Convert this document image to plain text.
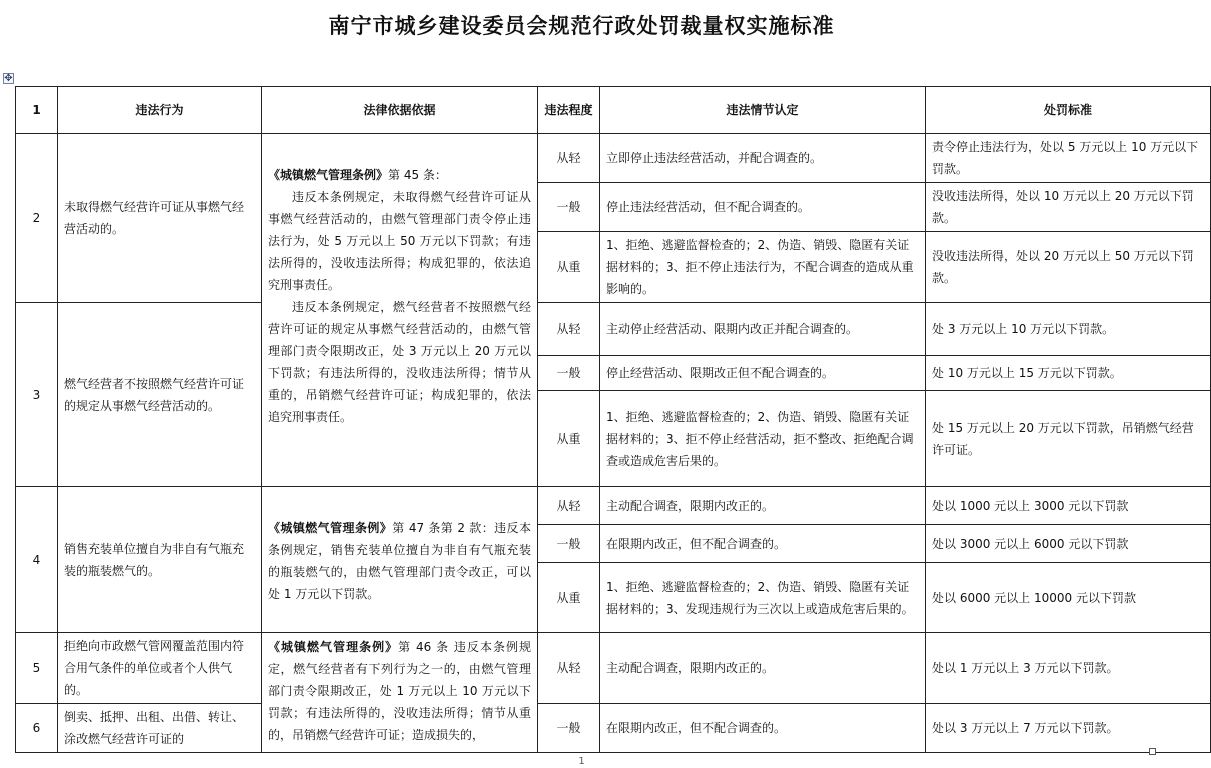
南宁市城乡建设委员会规范行政处罚裁量权实施标准
✥
1	违法行为	法律依据依据	违法程度	违法情节认定	处罚标准
2	未取得燃气经营许可证从事燃气经营活动的。	《城镇燃气管理条例》第 45 条：
违反本条例规定，未取得燃气经营许可证从事燃气经营活动的，由燃气管理部门责令停止违法行为，处 5 万元以上 50 万元以下罚款；有违法所得的，没收违法所得；构成犯罪的，依法追究刑事责任。
违反本条例规定，燃气经营者不按照燃气经营许可证的规定从事燃气经营活动的，由燃气管理部门责令限期改正，处 3 万元以上 20 万元以下罚款；有违法所得的，没收违法所得；情节从重的，吊销燃气经营许可证；构成犯罪的，依法追究刑事责任。	从轻	立即停止违法经营活动，并配合调查的。	责令停止违法行为，处以 5 万元以上 10 万元以下罚款。
			一般	停止违法经营活动，但不配合调查的。	没收违法所得，处以 10 万元以上 20 万元以下罚款。
			从重	1、拒绝、逃避监督检查的；2、伪造、销毁、隐匿有关证据材料的；3、拒不停止违法行为，不配合调查的造成从重影响的。	没收违法所得，处以 20 万元以上 50 万元以下罚款。
3	燃气经营者不按照燃气经营许可证的规定从事燃气经营活动的。		从轻	主动停止经营活动、限期内改正并配合调查的。	处 3 万元以上 10 万元以下罚款。
			一般	停止经营活动、限期改正但不配合调查的。	处 10 万元以上 15 万元以下罚款。
			从重	1、拒绝、逃避监督检查的；2、伪造、销毁、隐匿有关证据材料的；3、拒不停止经营活动，拒不整改、拒绝配合调查或造成危害后果的。	处 15 万元以上 20 万元以下罚款，吊销燃气经营许可证。
4	销售充装单位擅自为非自有气瓶充装的瓶装燃气的。	《城镇燃气管理条例》第 47 条第 2 款：违反本条例规定，销售充装单位擅自为非自有气瓶充装的瓶装燃气的，由燃气管理部门责令改正，可以处 1 万元以下罚款。	从轻	主动配合调查，限期内改正的。	处以 1000 元以上 3000 元以下罚款
			一般	在限期内改正，但不配合调查的。	处以 3000 元以上 6000 元以下罚款
			从重	1、拒绝、逃避监督检查的；2、伪造、销毁、隐匿有关证据材料的；3、发现违规行为三次以上或造成危害后果的。	处以 6000 元以上 10000 元以下罚款
5	拒绝向市政燃气管网覆盖范围内符合用气条件的单位或者个人供气的。	《城镇燃气管理条例》第 46 条 违反本条例规定，燃气经营者有下列行为之一的，由燃气管理部门责令限期改正，处 1 万元以上 10 万元以下罚款；有违法所得的，没收违法所得；情节从重的，吊销燃气经营许可证；造成损失的，	从轻	主动配合调查，限期内改正的。	处以 1 万元以上 3 万元以下罚款。
6	倒卖、抵押、出租、出借、转让、涂改燃气经营许可证的		一般	在限期内改正，但不配合调查的。	处以 3 万元以上 7 万元以下罚款。
1
